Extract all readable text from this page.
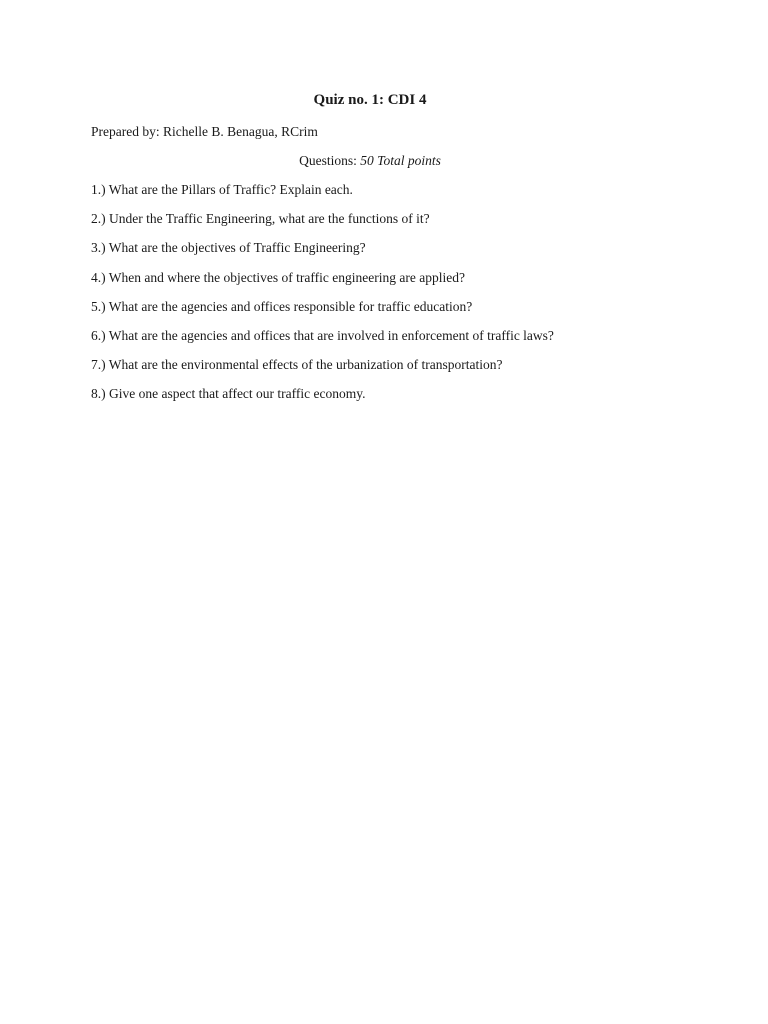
Quiz no. 1: CDI 4
Prepared by: Richelle B. Benagua, RCrim
Questions: 50 Total points
1.) What are the Pillars of Traffic? Explain each.
2.) Under the Traffic Engineering, what are the functions of it?
3.) What are the objectives of Traffic Engineering?
4.) When and where the objectives of traffic engineering are applied?
5.) What are the agencies and offices responsible for traffic education?
6.) What are the agencies and offices that are involved in enforcement of traffic laws?
7.) What are the environmental effects of the urbanization of transportation?
8.) Give one aspect that affect our traffic economy.
